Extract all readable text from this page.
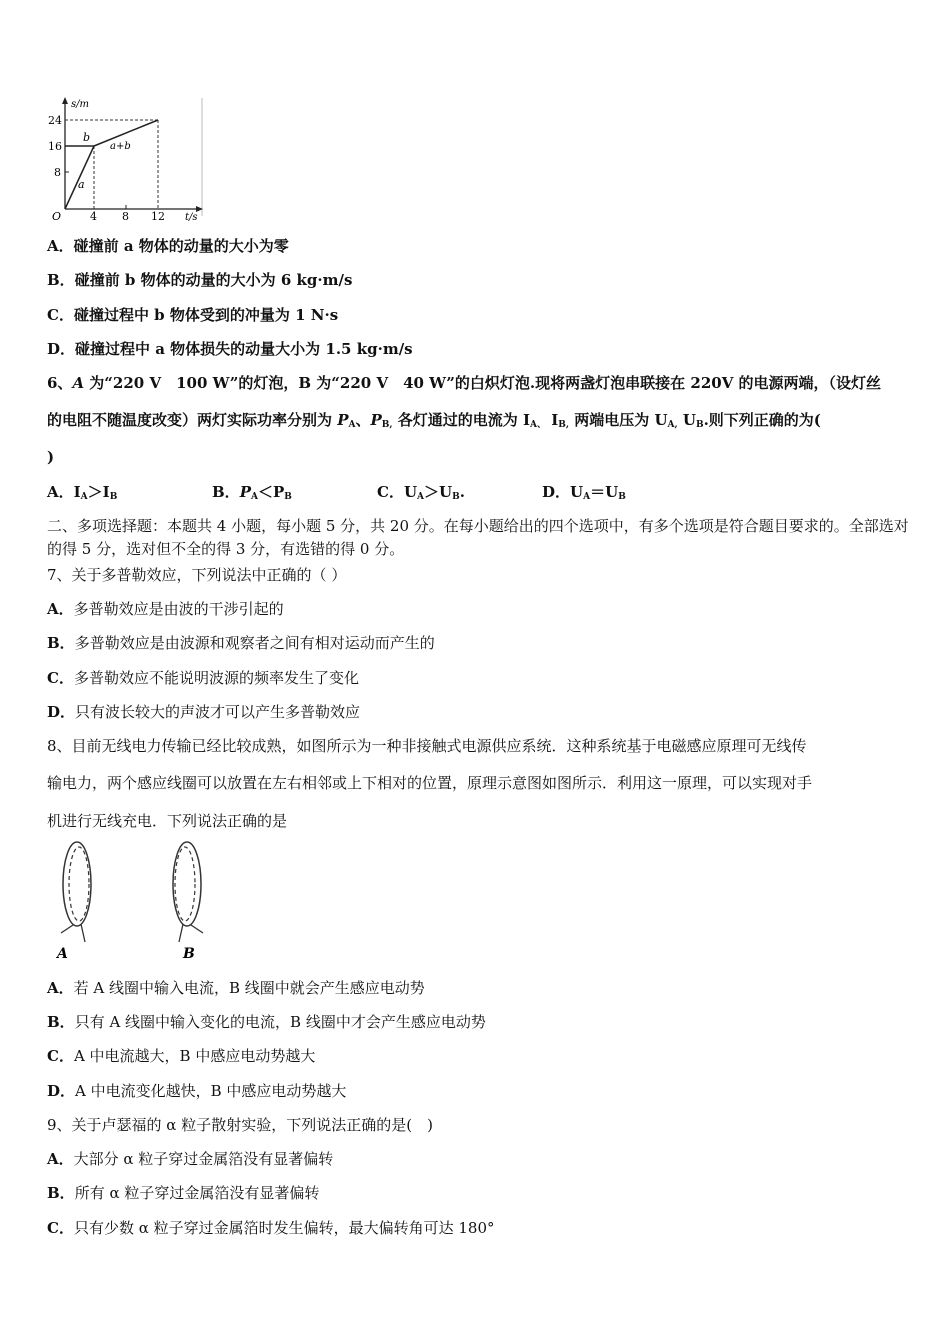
s/m
24
16
8
O	4 8 12 t/s
a
b
a+b
A．碰撞前 a 物体的动量的大小为零
B．碰撞前 b 物体的动量的大小为 6 kg·m/s
C．碰撞过程中 b 物体受到的冲量为 1 N·s
D．碰撞过程中 a 物体损失的动量大小为 1.5 kg·m/s
6、A 为“220 V　100 W”的灯泡，B 为“220 V　40 W”的白炽灯泡.现将两盏灯泡串联接在 220V 的电源两端，（设灯丝
的电阻不随温度改变）两灯实际功率分别为 $P_A$、$P_{B,}$ 各灯通过的电流为 $I_{A、}$ $I_{B,}$ 两端电压为 $U_{A,}$ $U_B$.则下列正确的为(
)
A．$I_A>I_B$	B．$P_A<P_B$	C．$U_A>U_B$.	D．$U_A=U_B$
二、多项选择题：本题共 4 小题，每小题 5 分，共 20 分。在每小题给出的四个选项中，有多个选项是符合题目要求的。全部选对的得 5 分，选对但不全的得 3 分，有选错的得 0 分。
7、关于多普勒效应，下列说法中正确的（ ）
A．多普勒效应是由波的干涉引起的
B．多普勒效应是由波源和观察者之间有相对运动而产生的
C．多普勒效应不能说明波源的频率发生了变化
D．只有波长较大的声波才可以产生多普勒效应
8、目前无线电力传输已经比较成熟，如图所示为一种非接触式电源供应系统．这种系统基于电磁感应原理可无线传
输电力，两个感应线圈可以放置在左右相邻或上下相对的位置，原理示意图如图所示．利用这一原理，可以实现对手
机进行无线充电．下列说法正确的是
A	B
A．若 A 线圈中输入电流，B 线圈中就会产生感应电动势
B．只有 A 线圈中输入变化的电流，B 线圈中才会产生感应电动势
C．A 中电流越大，B 中感应电动势越大
D．A 中电流变化越快，B 中感应电动势越大
9、关于卢瑟福的 α 粒子散射实验，下列说法正确的是(　)
A．大部分 α 粒子穿过金属箔没有显著偏转
B．所有 α 粒子穿过金属箔没有显著偏转
C．只有少数 α 粒子穿过金属箔时发生偏转，最大偏转角可达 180°
